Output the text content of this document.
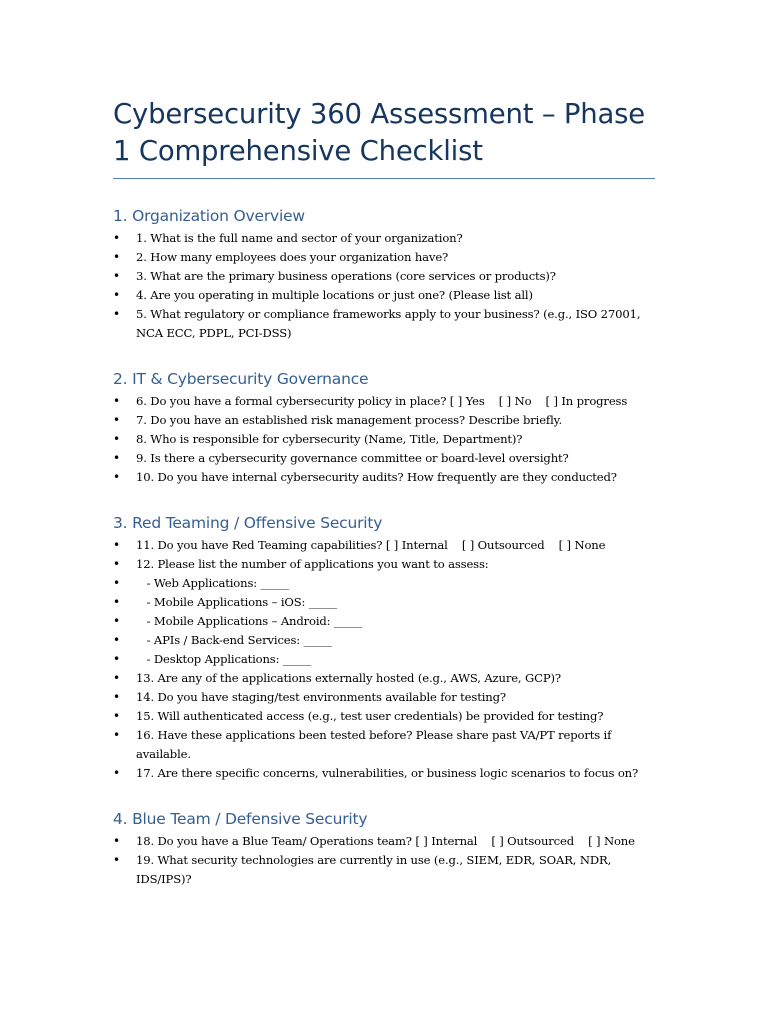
Cybersecurity 360 Assessment – Phase 1 Comprehensive Checklist
1. Organization Overview
• 1. What is the full name and sector of your organization?
• 2. How many employees does your organization have?
• 3. What are the primary business operations (core services or products)?
• 4. Are you operating in multiple locations or just one? (Please list all)
• 5. What regulatory or compliance frameworks apply to your business? (e.g., ISO 27001, NCA ECC, PDPL, PCI-DSS)
2. IT & Cybersecurity Governance
• 6. Do you have a formal cybersecurity policy in place? [ ] Yes    [ ] No    [ ] In progress
• 7. Do you have an established risk management process? Describe briefly.
• 8. Who is responsible for cybersecurity (Name, Title, Department)?
• 9. Is there a cybersecurity governance committee or board-level oversight?
• 10. Do you have internal cybersecurity audits? How frequently are they conducted?
3. Red Teaming / Offensive Security
• 11. Do you have Red Teaming capabilities? [ ] Internal    [ ] Outsourced    [ ] None
• 12. Please list the number of applications you want to assess:
• - Web Applications: _____
• - Mobile Applications – iOS: _____
• - Mobile Applications – Android: _____
• - APIs / Back-end Services: _____
• - Desktop Applications: _____
• 13. Are any of the applications externally hosted (e.g., AWS, Azure, GCP)?
• 14. Do you have staging/test environments available for testing?
• 15. Will authenticated access (e.g., test user credentials) be provided for testing?
• 16. Have these applications been tested before? Please share past VA/PT reports if available.
• 17. Are there specific concerns, vulnerabilities, or business logic scenarios to focus on?
4. Blue Team / Defensive Security
• 18. Do you have a Blue Team/ Operations team? [ ] Internal    [ ] Outsourced    [ ] None
• 19. What security technologies are currently in use (e.g., SIEM, EDR, SOAR, NDR, IDS/IPS)?
